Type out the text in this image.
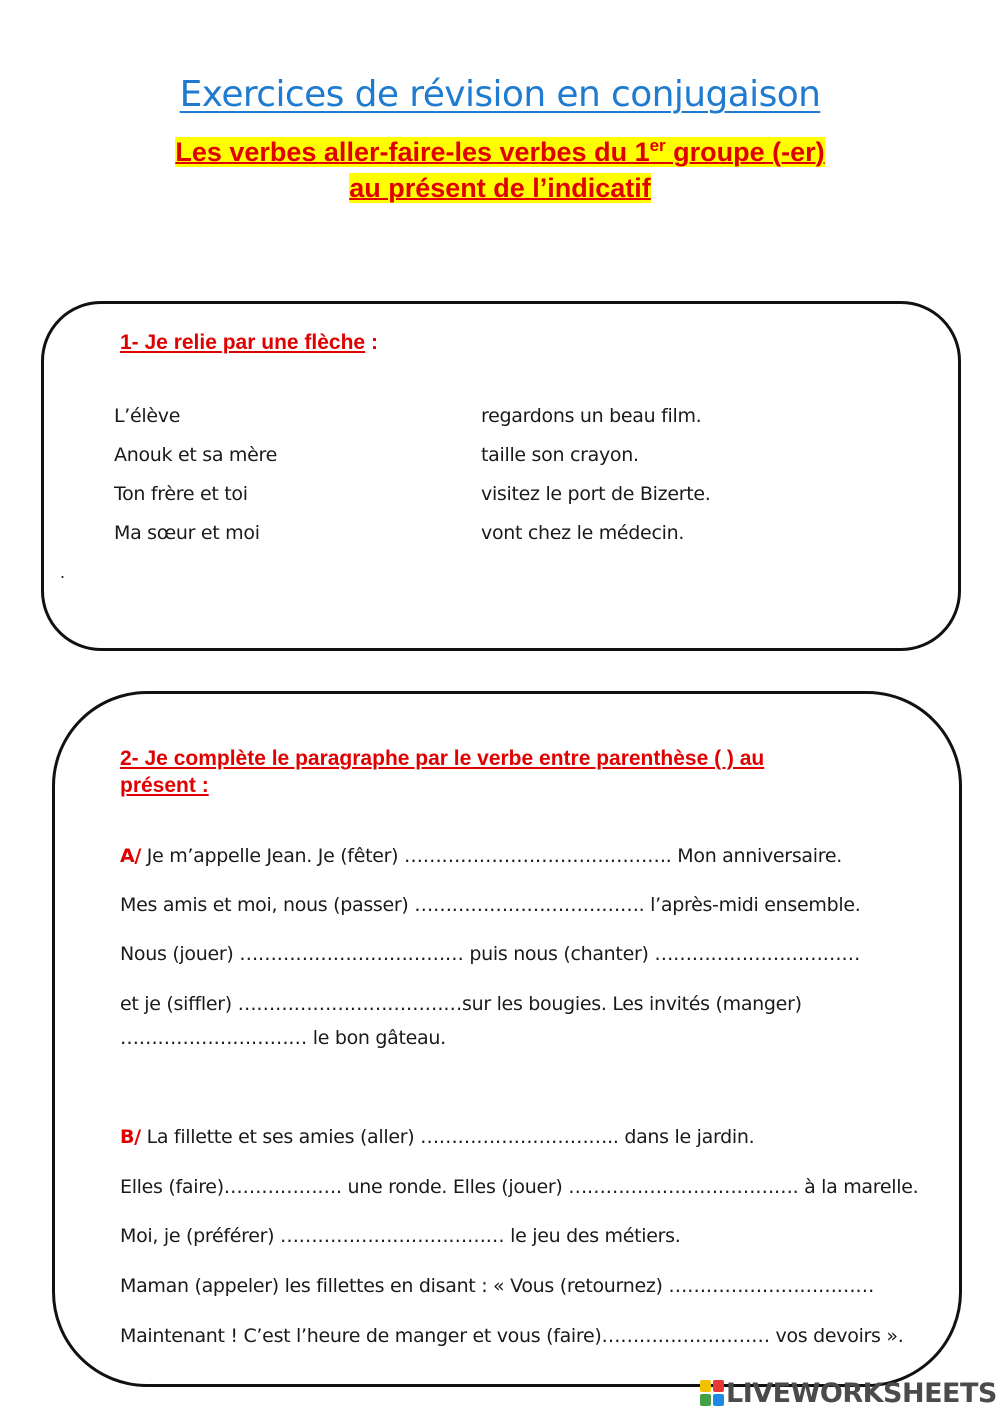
Exercices de révision en conjugaison
Les verbes aller-faire-les verbes du 1er groupe (-er)
au présent de l’indicatif
1- Je relie par une flèche :
L’élève
Anouk et sa mère
Ton frère et toi
Ma sœur et moi
regardons un beau film.
taille son crayon.
visitez le port de Bizerte.
vont chez le médecin.
.
2- Je complète le paragraphe par le verbe entre parenthèse ( ) au
présent :
A/ Je m’appelle Jean. Je (fêter) ……………………………………. Mon anniversaire.
Mes amis et moi, nous (passer) ………………………………. l’après-midi ensemble.
Nous (jouer) ……………………………… puis nous (chanter) ……………………………
et je (siffler) ………………………………sur les bougies. Les invités (manger)
………………………… le bon gâteau.
B/ La fillette et ses amies (aller) ………………………….. dans le jardin.
Elles (faire)………………. une ronde. Elles (jouer) ………………………………. à la marelle.
Moi, je (préférer) ……………………………… le jeu des métiers.
Maman (appeler) les fillettes en disant : « Vous (retournez) ……………………………
Maintenant ! C’est l’heure de manger et vous (faire)……………………… vos devoirs ».
LIVEWORKSHEETS
